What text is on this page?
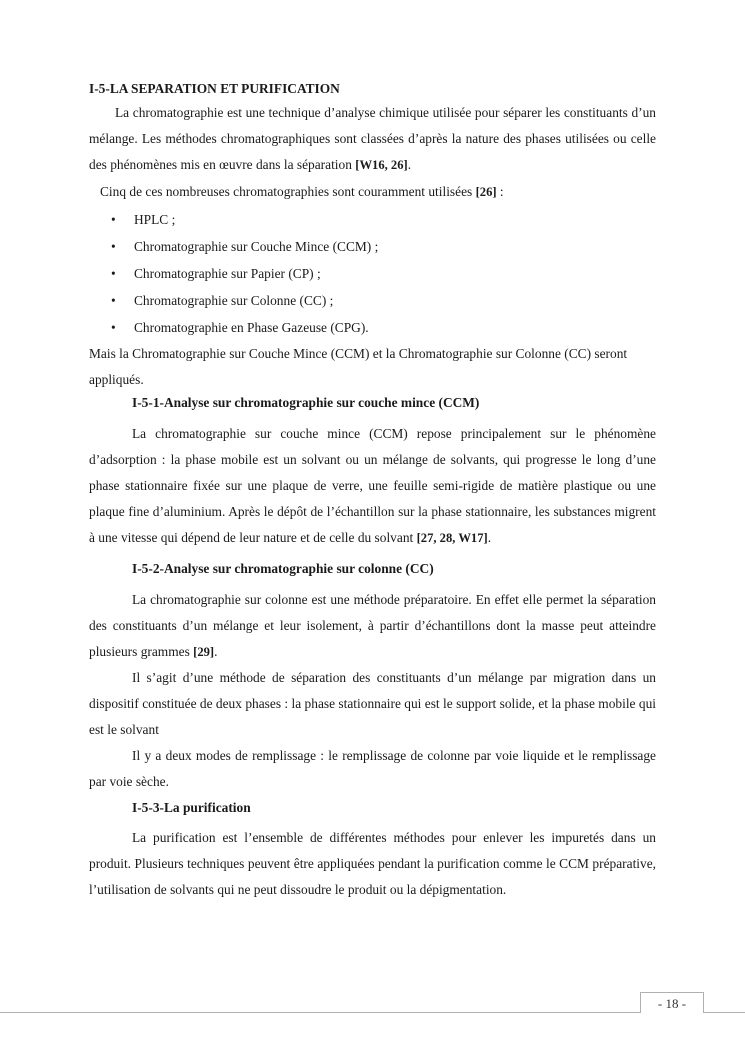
I-5-LA SEPARATION ET PURIFICATION

La chromatographie est une technique d’analyse chimique utilisée pour séparer les constituants d’un mélange. Les méthodes chromatographiques sont classées d’après la nature des phases utilisées ou celle des phénomènes mis en œuvre dans la séparation [W16, 26].

Cinq de ces nombreuses chromatographies sont couramment utilisées [26] :

• HPLC ;
• Chromatographie sur Couche Mince (CCM) ;
• Chromatographie sur Papier (CP) ;
• Chromatographie sur Colonne (CC) ;
• Chromatographie en Phase Gazeuse (CPG).

Mais la Chromatographie sur Couche Mince (CCM) et la Chromatographie sur Colonne (CC) seront appliqués.

I-5-1-Analyse sur chromatographie sur couche mince (CCM)

La chromatographie sur couche mince (CCM) repose principalement sur le phénomène d’adsorption : la phase mobile est un solvant ou un mélange de solvants, qui progresse le long d’une phase stationnaire fixée sur une plaque de verre, une feuille semi-rigide de matière plastique ou une plaque fine d’aluminium. Après le dépôt de l’échantillon sur la phase stationnaire, les substances migrent à une vitesse qui dépend de leur nature et de celle du solvant [27, 28, W17].

I-5-2-Analyse sur chromatographie sur colonne (CC)

La chromatographie sur colonne est une méthode préparatoire. En effet elle permet la séparation des constituants d’un mélange et leur isolement, à partir d’échantillons dont la masse peut atteindre plusieurs grammes [29].

Il s’agit d’une méthode de séparation des constituants d’un mélange par migration dans un dispositif constituée de deux phases : la phase stationnaire qui est le support solide, et la phase mobile qui est le solvant

Il y a deux modes de remplissage : le remplissage de colonne par voie liquide et le remplissage par voie sèche.

I-5-3-La purification

La purification est l’ensemble de différentes méthodes pour enlever les impuretés dans un produit. Plusieurs techniques peuvent être appliquées pendant la purification comme le CCM préparative, l’utilisation de solvants qui ne peut dissoudre le produit ou la dépigmentation.

- 18 -
